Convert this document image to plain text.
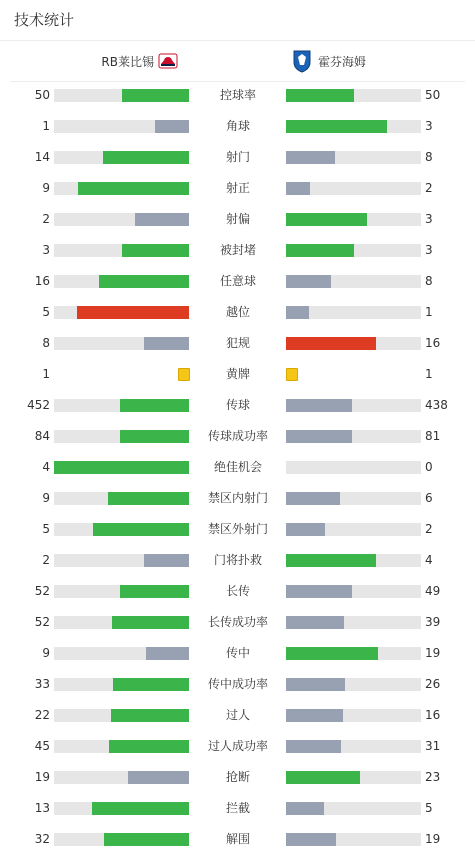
技术统计
RB莱比锡	霍芬海姆
50	控球率	50
1	角球	3
14	射门	8
9	射正	2
2	射偏	3
3	被封堵	3
16	任意球	8
5	越位	1
8	犯规	16
1	黄牌	1
452	传球	438
84	传球成功率	81
4	绝佳机会	0
9	禁区内射门	6
5	禁区外射门	2
2	门将扑救	4
52	长传	49
52	长传成功率	39
9	传中	19
33	传中成功率	26
22	过人	16
45	过人成功率	31
19	抢断	23
13	拦截	5
32	解围	19
